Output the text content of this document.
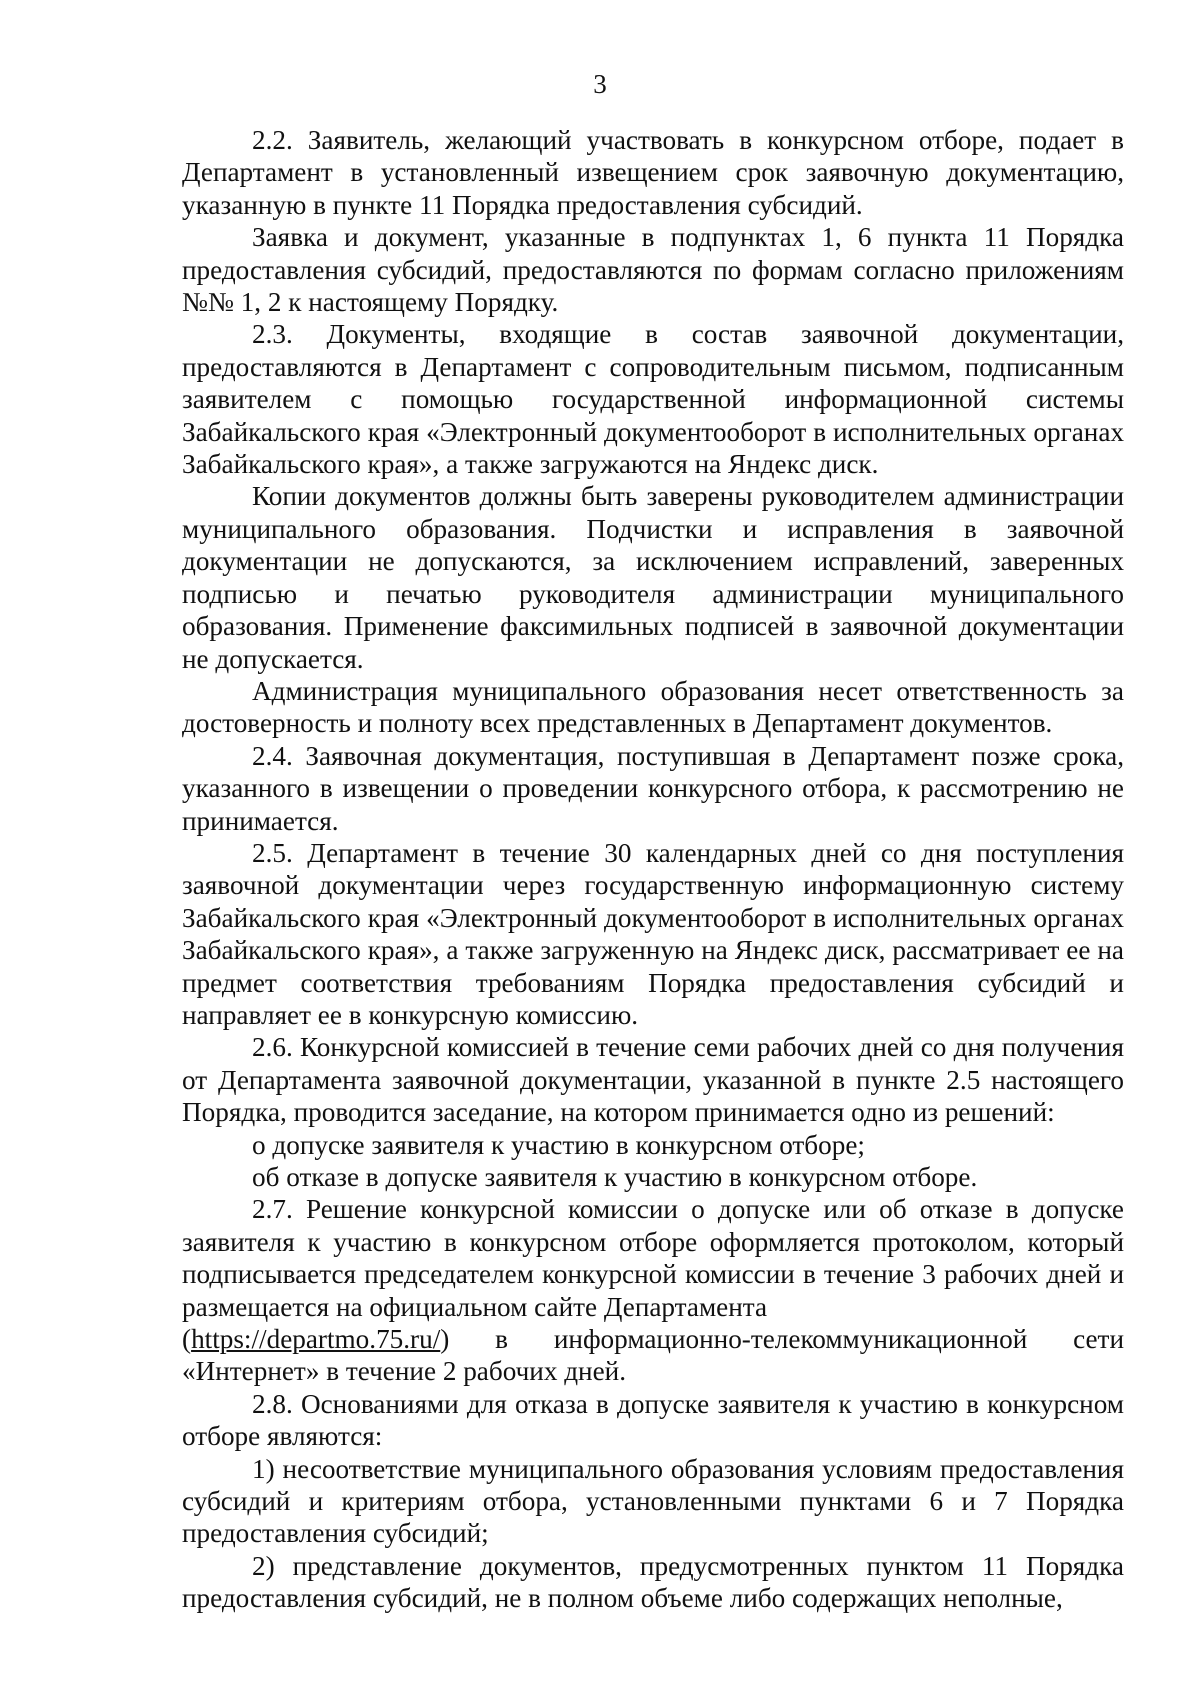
3

2.2. Заявитель, желающий участвовать в конкурсном отборе, подает в Департамент в установленный извещением срок заявочную документацию, указанную в пункте 11 Порядка предоставления субсидий.

Заявка и документ, указанные в подпунктах 1, 6 пункта 11 Порядка предоставления субсидий, предоставляются по формам согласно приложениям №№ 1, 2 к настоящему Порядку.

2.3. Документы, входящие в состав заявочной документации, предоставляются в Департамент с сопроводительным письмом, подписанным заявителем с помощью государственной информационной системы Забайкальского края «Электронный документооборот в исполнительных органах Забайкальского края», а также загружаются на Яндекс диск.

Копии документов должны быть заверены руководителем администрации муниципального образования. Подчистки и исправления в заявочной документации не допускаются, за исключением исправлений, заверенных подписью и печатью руководителя администрации муниципального образования. Применение факсимильных подписей в заявочной документации не допускается.

Администрация муниципального образования несет ответственность за достоверность и полноту всех представленных в Департамент документов.

2.4. Заявочная документация, поступившая в Департамент позже срока, указанного в извещении о проведении конкурсного отбора, к рассмотрению не принимается.

2.5. Департамент в течение 30 календарных дней со дня поступления заявочной документации через государственную информационную систему Забайкальского края «Электронный документооборот в исполнительных органах Забайкальского края», а также загруженную на Яндекс диск, рассматривает ее на предмет соответствия требованиям Порядка предоставления субсидий и направляет ее в конкурсную комиссию.

2.6. Конкурсной комиссией в течение семи рабочих дней со дня получения от Департамента заявочной документации, указанной в пункте 2.5 настоящего Порядка, проводится заседание, на котором принимается одно из решений:

о допуске заявителя к участию в конкурсном отборе;

об отказе в допуске заявителя к участию в конкурсном отборе.

2.7. Решение конкурсной комиссии о допуске или об отказе в допуске заявителя к участию в конкурсном отборе оформляется протоколом, который подписывается председателем конкурсной комиссии в течение 3 рабочих дней и размещается на официальном сайте Департамента

(https://departmo.75.ru/) в информационно-телекоммуникационной сети «Интернет» в течение 2 рабочих дней.

2.8. Основаниями для отказа в допуске заявителя к участию в конкурсном отборе являются:

1) несоответствие муниципального образования условиям предоставления субсидий и критериям отбора, установленными пунктами 6 и 7 Порядка предоставления субсидий;

2) представление документов, предусмотренных пунктом 11 Порядка предоставления субсидий, не в полном объеме либо содержащих неполные,
